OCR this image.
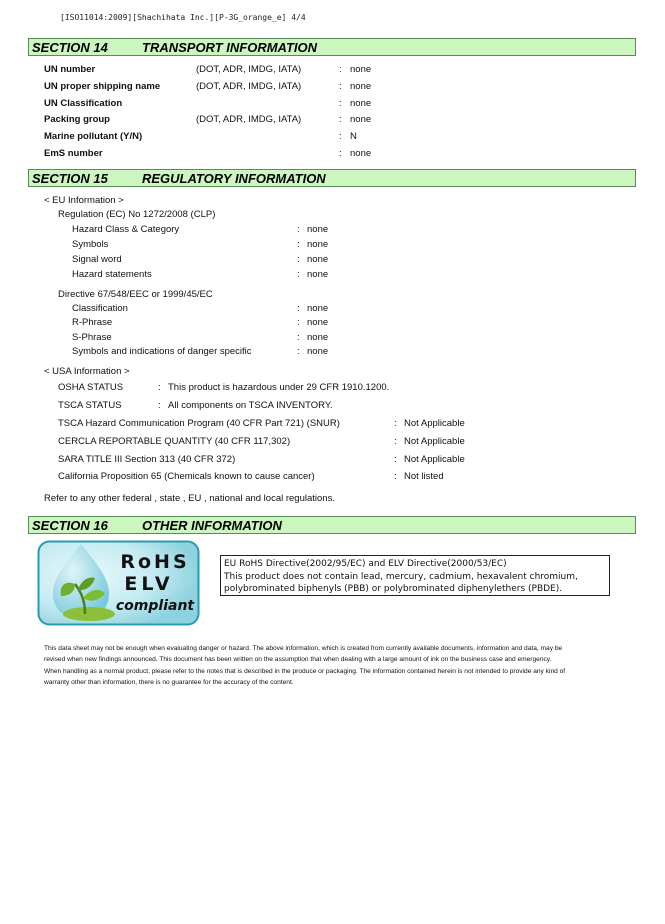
[ISO11014:2009][Shachihata Inc.][P-3G_orange_e] 4/4
SECTION 14	TRANSPORT INFORMATION
UN number	(DOT, ADR, IMDG, IATA)	: none
UN proper shipping name	(DOT, ADR, IMDG, IATA)	: none
UN Classification	: none
Packing group	(DOT, ADR, IMDG, IATA)	: none
Marine pollutant (Y/N)	: N
EmS number	: none
SECTION 15	REGULATORY INFORMATION
< EU Information >
Regulation (EC) No 1272/2008 (CLP)
Hazard Class & Category	: none
Symbols	: none
Signal word	: none
Hazard statements	: none
Directive 67/548/EEC or 1999/45/EC
Classification	: none
R-Phrase	: none
S-Phrase	: none
Symbols and indications of danger specific	: none
< USA Information >
OSHA STATUS	: This product is hazardous under 29 CFR 1910.1200.
TSCA STATUS	: All components on TSCA INVENTORY.
TSCA Hazard Communication Program (40 CFR Part 721) (SNUR)	: Not Applicable
CERCLA REPORTABLE QUANTITY (40 CFR 117,302)	: Not Applicable
SARA TITLE III Section 313 (40 CFR 372)	: Not Applicable
California Proposition 65 (Chemicals known to cause cancer)	: Not listed
Refer to any other federal , state , EU , national and local regulations.
SECTION 16	OTHER INFORMATION
RoHS
ELV
compliant
EU RoHS Directive(2002/95/EC) and ELV Directive(2000/53/EC)
This product does not contain lead, mercury, cadmium, hexavalent chromium,
polybrominated biphenyls (PBB) or polybrominated diphenylethers (PBDE).
This data sheet may not be enough when evaluating danger or hazard. The above information, which is created from currently available documents, information and data, may be
revised when new findings announced. This document has been written on the assumption that when dealing with a large amount of ink on the business case and emergency.
When handling as a normal product, please refer to the notes that is described in the produce or packaging. The information contained herein is not intended to provide any kind of
warranty other than information, there is no guarantee for the accuracy of the content.
